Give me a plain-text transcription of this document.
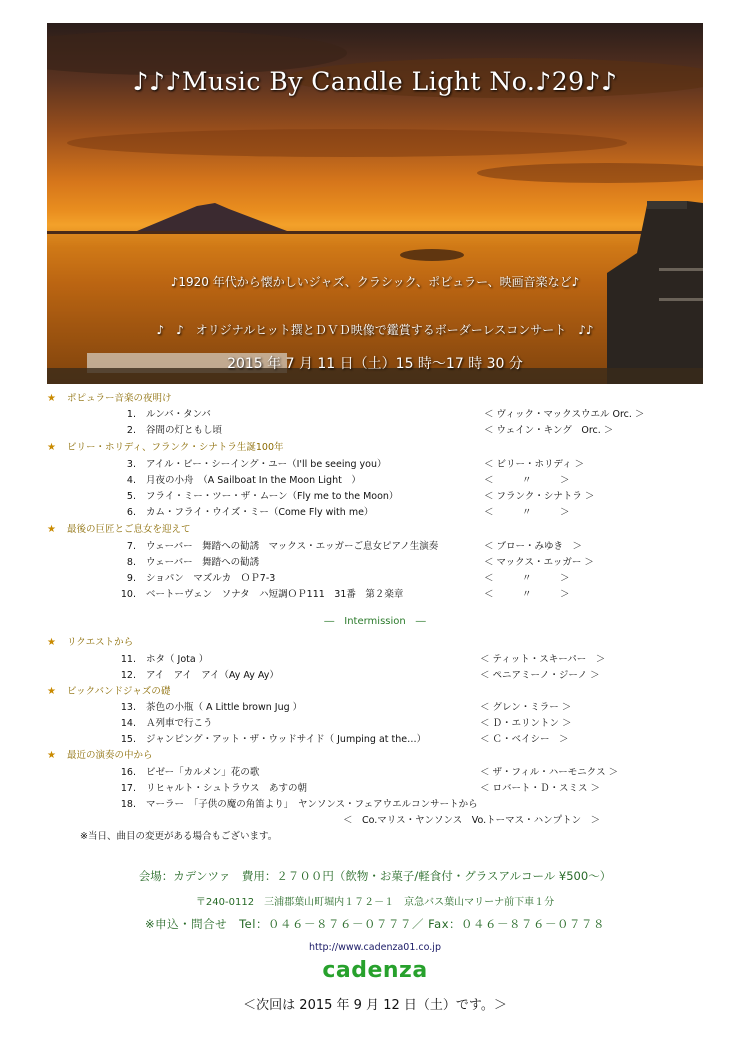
♪♪♪Music By Candle Light No.♪29♪♪
♪1920 年代から懐かしいジャズ、クラシック、ポピュラー、映画音楽など♪
♪　♪　オリジナルヒット撰とＤＶＤ映像で鑑賞するボーダーレスコンサート　♪♪
2015 年 7 月 11 日（土）15 時～17 時 30 分
★ ポピュラー音楽の夜明け
1. ルンバ・タンバ	＜ ヴィック・マックスウエル Orc. ＞
2. 谷間の灯ともし頃	＜ ウェイン・キング　Orc. ＞
★ ビリー・ホリディ、フランク・シナトラ生誕100年
3. アイル・ビー・シーイング・ユー（I'll be seeing you）	＜ ビリー・ホリディ ＞
4. 月夜の小舟　（A Sailboat In the Moon Light　）	＜　　　〃　　　＞
5. フライ・ミー・ツー・ザ・ムーン（Fly me to the Moon）	＜ フランク・シナトラ ＞
6. カム・フライ・ウイズ・ミー（Come Fly with me）	＜　　　〃　　　＞
★ 最後の巨匠とご息女を迎えて
7. ウェーバー　舞踏への勧誘　マックス・エッガーご息女ピアノ生演奏	＜ ブロー・みゆき　＞
8. ウェーバー　舞踏への勧誘	＜ マックス・エッガー ＞
9. ショパン　マズルカ　ＯＰ7-3	＜　　　〃　　　＞
10. ベートーヴェン　ソナタ　ハ短調ＯＰ111　31番　第２楽章	＜　　　〃　　　＞
―　Intermission　―
★ リクエストから
11. ホタ（ Jota ）	＜ ティット・スキーパー　＞
12. アイ　アイ　アイ（Ay Ay Ay）	＜ ペニアミーノ・ジーノ ＞
★ ビックバンドジャズの礎
13. 茶色の小瓶（ A Little brown Jug ）	＜ グレン・ミラー ＞
14. Ａ列車で行こう	＜ Ｄ・エリントン ＞
15. ジャンピング・アット・ザ・ウッドサイド（ Jumping at the…）	＜ Ｃ・ベイシー　＞
★ 最近の演奏の中から
16. ビゼー「カルメン」花の歌	＜ ザ・フィル・ハーモニクス ＞
17. リヒャルト・シュトラウス　あすの朝	＜ ロバート・Ｄ・スミス ＞
18. マーラー　「子供の魔の角笛より」　ヤンソンス・フェアウエルコンサートから
＜　Co.マリス・ヤンソンス　Vo.トーマス・ハンプトン　＞
※当日、曲目の変更がある場合もございます。
会場：カデンツァ　費用：２７００円（飲物・お菓子/軽食付・グラスアルコール ¥500～）
〒240-0112　三浦郡葉山町堀内１７２－１　京急バス葉山マリーナ前下車１分
※申込・問合せ　Tel：０４６－８７６－０７７７／ Fax：０４６－８７６－０７７８
http://www.cadenza01.co.jp
cadenza
＜次回は 2015 年 9 月 12 日（土）です。＞
